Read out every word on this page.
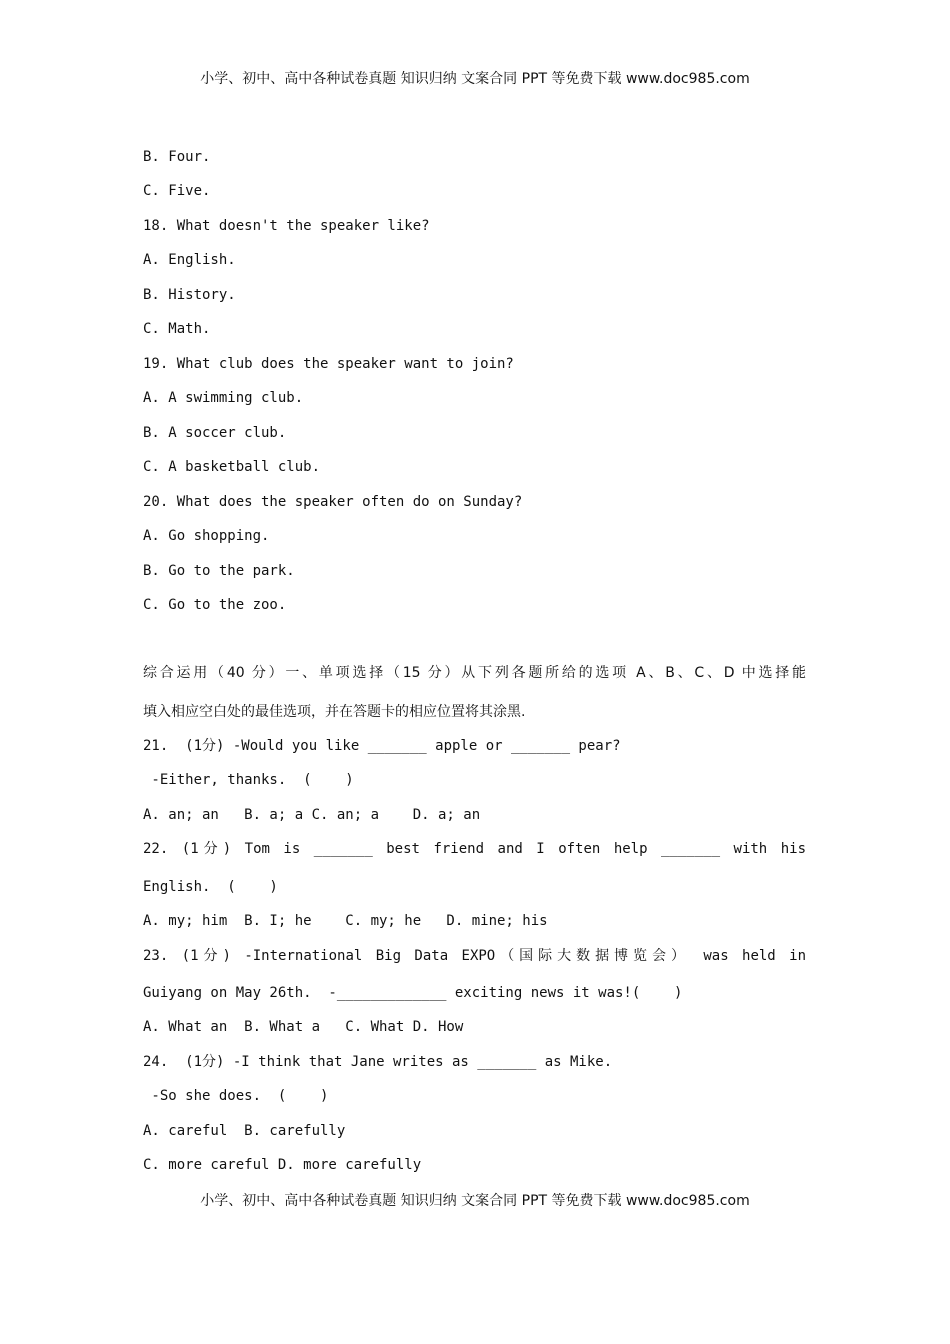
小学、初中、高中各种试卷真题 知识归纳 文案合同 PPT 等免费下载 www.doc985.com
B. Four.
C. Five.
18. What doesn't the speaker like?
A. English.
B. History.
C. Math.
19. What club does the speaker want to join?
A. A swimming club.
B. A soccer club.
C. A basketball club.
20. What does the speaker often do on Sunday?
A. Go shopping.
B. Go to the park.
C. Go to the zoo.
综合运用（40 分）一、单项选择（15 分）从下列各题所给的选项 A、B、C、D 中选择能
填入相应空白处的最佳选项，并在答题卡的相应位置将其涂黑.
21.  (1分) -Would you like _______ apple or _______ pear?
-Either, thanks.  (    )
A. an; an   B. a; a C. an; a    D. a; an
22. (1分) Tom is _______ best friend and I often help _______ with his
English.  (    )
A. my; him  B. I; he    C. my; he   D. mine; his
23. (1分) -International Big Data EXPO（国际大数据博览会） was held in
Guiyang on May 26th.  -_____________ exciting news it was!(    )
A. What an  B. What a   C. What D. How
24.  (1分) -I think that Jane writes as _______ as Mike.
-So she does.  (    )
A. careful  B. carefully
C. more careful D. more carefully
小学、初中、高中各种试卷真题 知识归纳 文案合同 PPT 等免费下载 www.doc985.com
